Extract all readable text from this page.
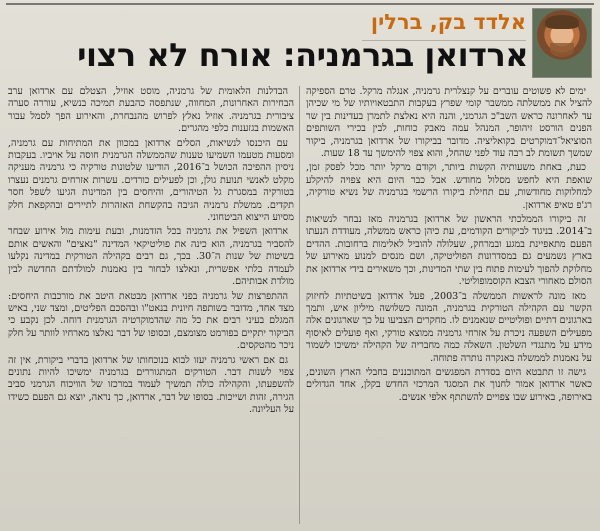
אלדד בק, ברלין
ארדואן בגרמניה: אורח לא רצוי

ימים לא פשוטים עוברים על קנצלרית גרמניה, אנגלה מרקל. טרם הספיקה להציל את ממשלתה ממשבר קומי שפרץ בעקבות התבטאויותיו של מי שכיהן עד לאחרונה כראש השב"כ הגרמני, והנה היא נאלצת לתמרן בעדינות בין שר הפנים הורסט זיהופר, המנהל עמה מאבק כוחות, לבין בכירי השותפים הסוציאל־דמוקרטים בקואליציה. מדובר בביקורו של ארדואן בגרמניה, ביקור שמשך תשומת לב רבה עוד לפני שהחל, והוא צפוי להימשך עד 18 שעות.

כעת, באחת משעותיה הקשות ביותר, וקודם מרקל יותר מכל לפסק זמן, שואפת היא לחפש מסלול מחודש. אבל כבר היום היא צפויה להיקלע למחלוקות מחודשות, עם תחילת ביקורו הרשמי בגרמניה של נשיא טורקיה, רג'פ טאיפ ארדואן.

זה ביקורו הממלכתי הראשון של ארדואן בגרמניה מאז נבחר לנשיאות ב־2014. בניגוד לביקורים הקודמים, עת כיהן כראש ממשלה, מעודדת הנעתו הפעם מתאפיינת במגע ובמרחק, שעלולה להוביל לאלימות ברחובות. ההדים בארץ נשמעים גם במסדרונות הפוליטיקה, ושם מנסים למנוע מאירוע של מחלוקת להפוך לעימות פתוח בין שתי המדינות, וכך משאירים בידי ארדואן את הסולם מאחורי הצבא הקוסמופוליטי.

מאז מונה לראשות הממשלה ב־2003, פעל ארדואן בשיטתיות לחיזוק הקשר עם הקהילה הטורקית בגרמניה, המונה כשלושה מיליון איש, ותמך בארגונים דתיים ופוליטיים שנאמנים לו. מחקרים הצביעו על כך שארגונים אלה מפעילים השפעה ניכרת על אזרחי גרמניה ממוצא טורקי, ואף פועלים לאיסוף מידע על מתנגדי השלטון. השאלה כמה מחבריה של הקהילה ימשיכו לשמור על נאמנות לממשלה באנקרה נותרה פתוחה.

גישה זו תתבטא היום בסדרת המפגשים המתוכננים בחבלי הארץ השונים, כאשר ארדואן אמור לחנוך את המסגד המרכזי החדש בקלן, אחד הגדולים באירופה, באירוע שבו צפויים להשתתף אלפי אנשים.

הבדלנות הלאומית של גרמניה, מוסט אוזיל, הצטלם עם ארדואן ערב הבחירות האחרונות, המחווה, שנתפסה כהבעת תמיכה בנשיא, עוררה סערה ציבורית בגרמניה. אוזיל נאלץ לפרוש מהנבחרת, והאירוע הפך לסמל עבור האשמות בגזענות כלפי מהגרים.

עם היכנסו לנשיאות, הסלים ארדואן במכוון את המתיחות עם גרמניה, ומסעות מטעמו השמיעו טענות שהממשלה הגרמנית חוסה על אויביו. בעקבות ניסיון ההפיכה הכושל ב־2016, הודיעו שלטונות טורקיה כי גרמניה מעניקה מקלט לאנשי תנועת גולן, וכן לפעילים כורדים. עשרות אזרחים גרמנים נעצרו בטורקיה במסגרת גל הטיהורים, והיחסים בין המדינות הגיעו לשפל חסר תקדים. ממשלת גרמניה הגיבה בהקשחת האזהרות לתיירים ובהקפאת חלק מסיוע הייצוא הביטחוני.

ארדואן השפיל את גרמניה בכל הזדמנות, ובעת עימות מול אירוע שבחר להסביר בגרמניה, הוא כינה את פוליטיקאי המדינה "נאצים" והאשים אותם בשיטות של שנות ה־30. בכך, גם רבים בקהילה הטורקית במדינה נקלעו לעמדה בלתי אפשרית, ונאלצו לבחור בין נאמנות למולדתם החדשה לבין מולדת אבותיהם.

ההתפרצות של גרמניה בפני ארדואן מבטאת היטב את מורכבות היחסים: מצד אחד, מדובר בשותפה חיונית בנאט"ו ובהסכם הפליטים, ומצד שני, באיש המגלם בעיני רבים את כל מה שהדמוקרטיה הגרמנית דוחה. לכן נקבע כי הביקור יתקיים בפורמט מצומצם, ובסופו של דבר נאלצו מארחיו לוותר על חלק ניכר מהטקסים.

גם אם ראשי גרמניה יעזו לבוא בנוכחותו של ארדואן בדברי ביקורת, אין זה צפוי לשנות דבר. הטורקים המתגוררים בגרמניה ימשיכו להיות נתונים להשפעתו, והקהילה כולה תמשיך לעמוד במרכזו של הוויכוח הגרמני סביב הגירה, זהות ושייכות. בסופו של דבר, ארדואן, כך נראה, יוצא גם הפעם כשידו על העליונה.
